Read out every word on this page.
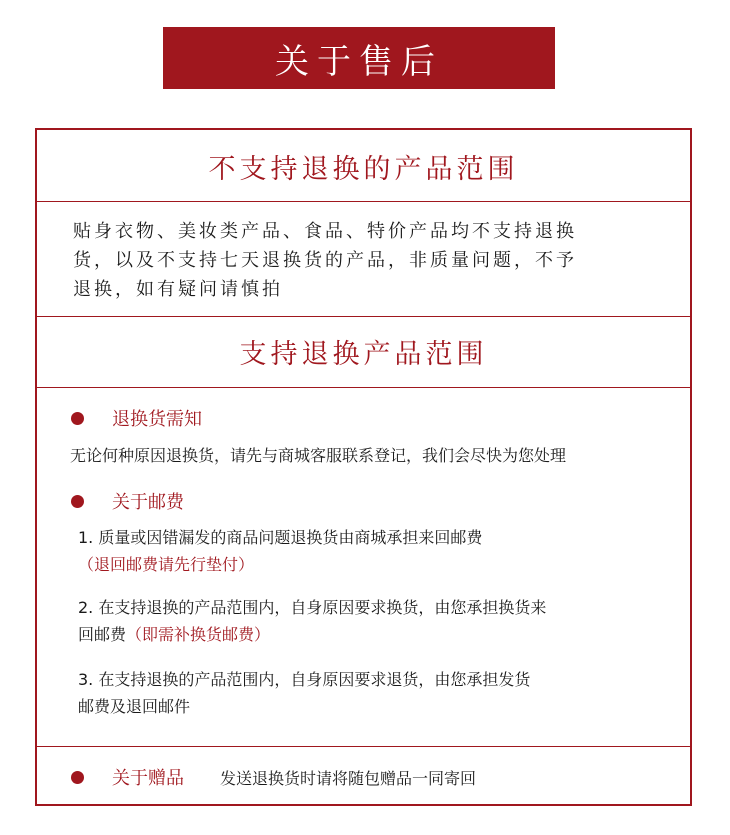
关于售后
不支持退换的产品范围
贴身衣物、美妆类产品、食品、特价产品均不支持退换
货，以及不支持七天退换货的产品，非质量问题，不予
退换，如有疑问请慎拍
支持退换产品范围
退换货需知
无论何种原因退换货，请先与商城客服联系登记，我们会尽快为您处理
关于邮费
1. 质量或因错漏发的商品问题退换货由商城承担来回邮费
（退回邮费请先行垫付）
2. 在支持退换的产品范围内，自身原因要求换货，由您承担换货来
回邮费（即需补换货邮费）
3. 在支持退换的产品范围内，自身原因要求退货，由您承担发货
邮费及退回邮件
关于赠品 发送退换货时请将随包赠品一同寄回
